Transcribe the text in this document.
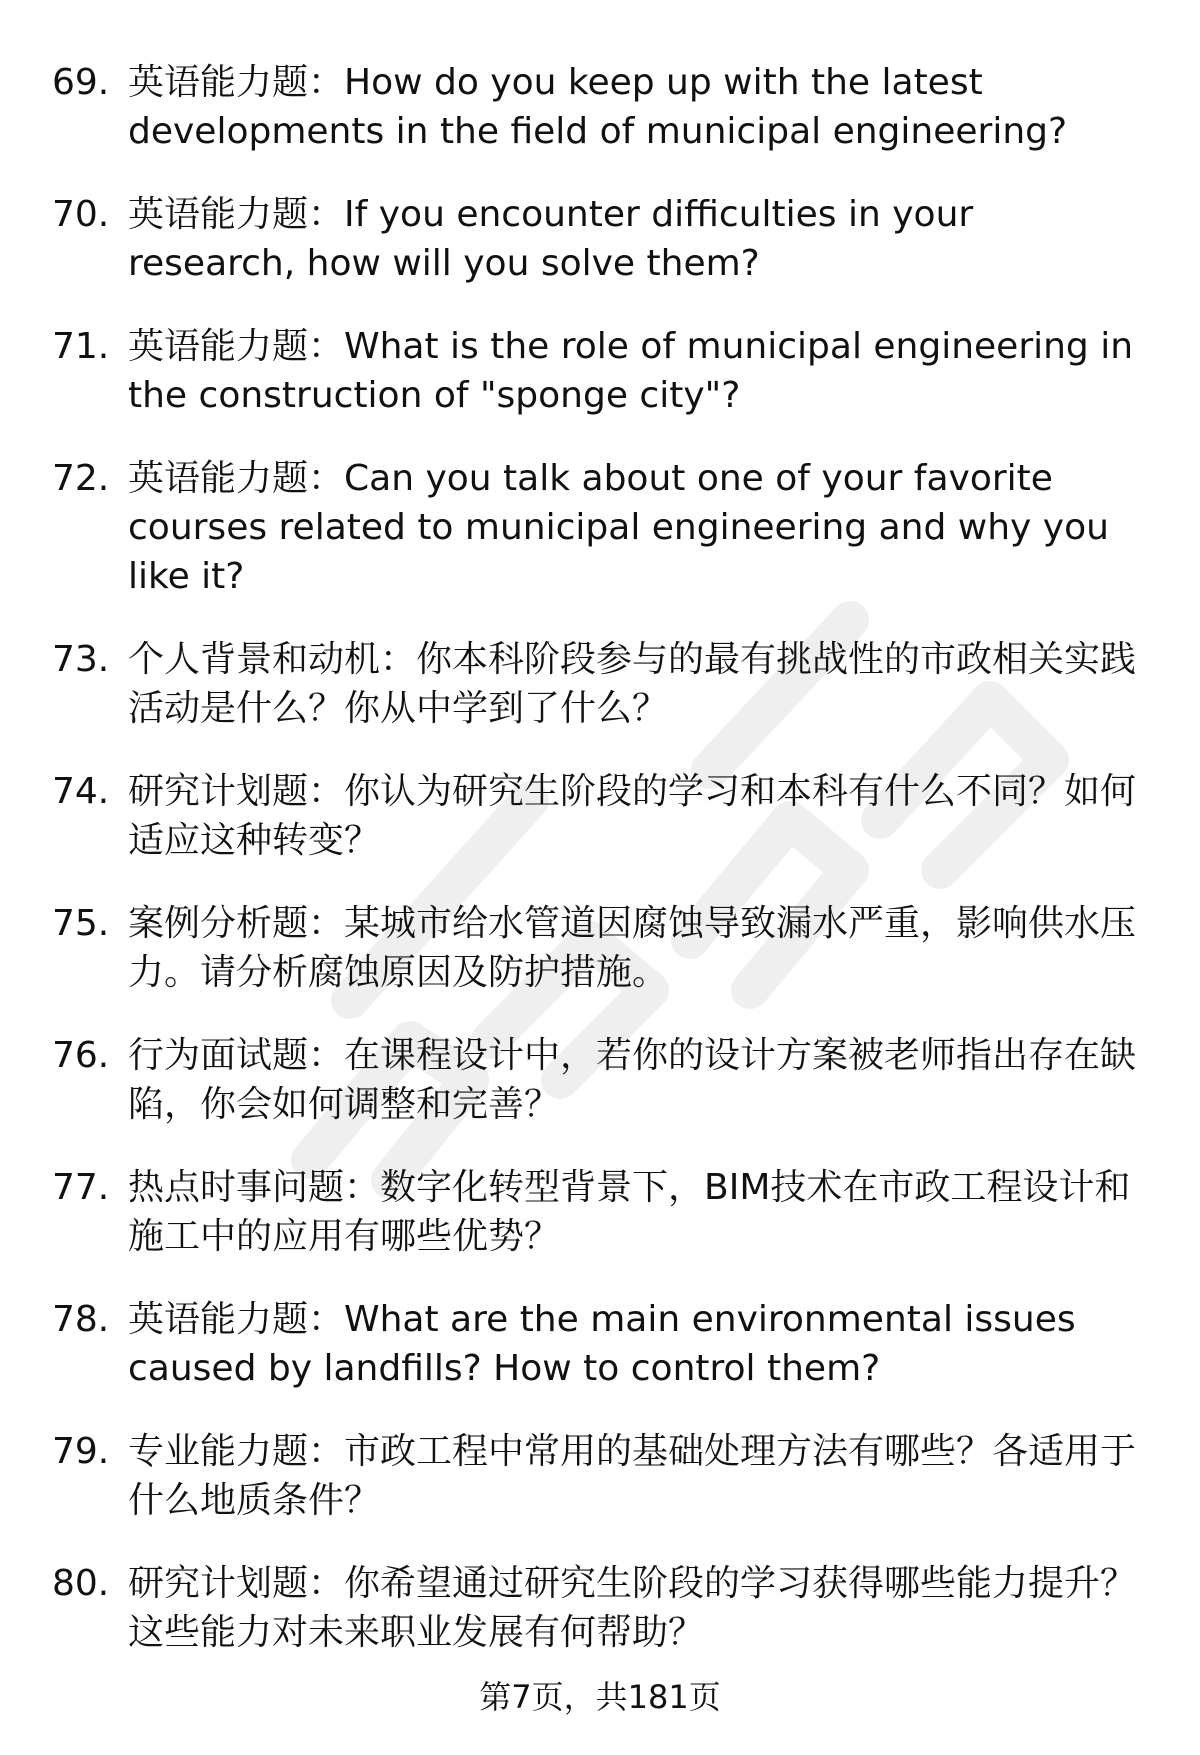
69. 英语能力题：How do you keep up with the latest developments in the field of municipal engineering?
70. 英语能力题：If you encounter difficulties in your research, how will you solve them?
71. 英语能力题：What is the role of municipal engineering in the construction of "sponge city"?
72. 英语能力题：Can you talk about one of your favorite courses related to municipal engineering and why you like it?
73. 个人背景和动机：你本科阶段参与的最有挑战性的市政相关实践活动是什么？你从中学到了什么？
74. 研究计划题：你认为研究生阶段的学习和本科有什么不同？如何适应这种转变？
75. 案例分析题：某城市给水管道因腐蚀导致漏水严重，影响供水压力。请分析腐蚀原因及防护措施。
76. 行为面试题：在课程设计中，若你的设计方案被老师指出存在缺陷，你会如何调整和完善？
77. 热点时事问题：数字化转型背景下，BIM技术在市政工程设计和施工中的应用有哪些优势？
78. 英语能力题：What are the main environmental issues caused by landfills? How to control them?
79. 专业能力题：市政工程中常用的基础处理方法有哪些？各适用于什么地质条件？
80. 研究计划题：你希望通过研究生阶段的学习获得哪些能力提升？这些能力对未来职业发展有何帮助？
第7页，共181页
